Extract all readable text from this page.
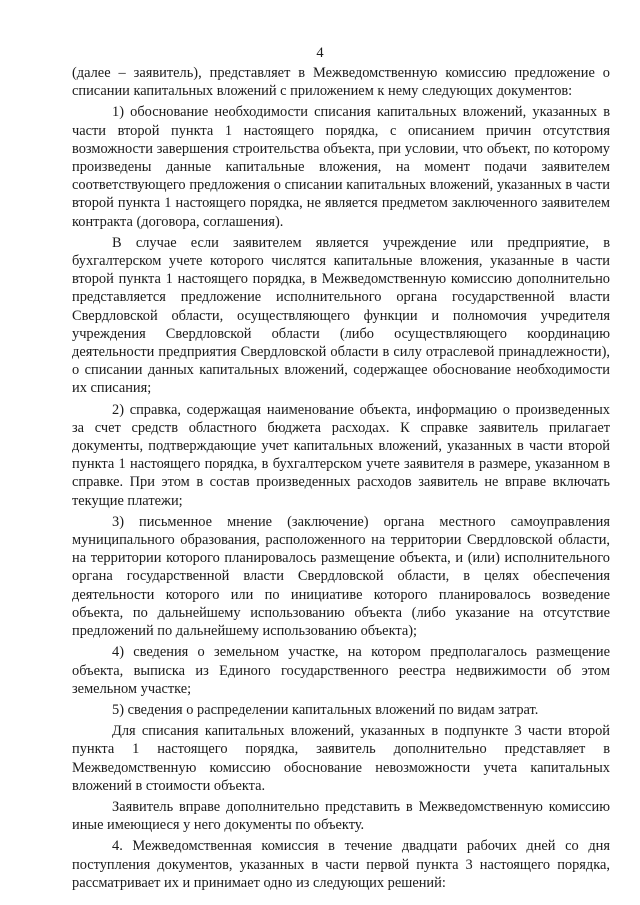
4

(далее – заявитель), представляет в Межведомственную комиссию предложение о списании капитальных вложений с приложением к нему следующих документов:

1) обоснование необходимости списания капитальных вложений, указанных в части второй пункта 1 настоящего порядка, с описанием причин отсутствия возможности завершения строительства объекта, при условии, что объект, по которому произведены данные капитальные вложения, на момент подачи заявителем соответствующего предложения о списании капитальных вложений, указанных в части второй пункта 1 настоящего порядка, не является предметом заключенного заявителем контракта (договора, соглашения).

В случае если заявителем является учреждение или предприятие, в бухгалтерском учете которого числятся капитальные вложения, указанные в части второй пункта 1 настоящего порядка, в Межведомственную комиссию дополнительно представляется предложение исполнительного органа государственной власти Свердловской области, осуществляющего функции и полномочия учредителя учреждения Свердловской области (либо осуществляющего координацию деятельности предприятия Свердловской области в силу отраслевой принадлежности), о списании данных капитальных вложений, содержащее обоснование необходимости их списания;

2) справка, содержащая наименование объекта, информацию о произведенных за счет средств областного бюджета расходах. К справке заявитель прилагает документы, подтверждающие учет капитальных вложений, указанных в части второй пункта 1 настоящего порядка, в бухгалтерском учете заявителя в размере, указанном в справке. При этом в состав произведенных расходов заявитель не вправе включать текущие платежи;

3) письменное мнение (заключение) органа местного самоуправления муниципального образования, расположенного на территории Свердловской области, на территории которого планировалось размещение объекта, и (или) исполнительного органа государственной власти Свердловской области, в целях обеспечения деятельности которого или по инициативе которого планировалось возведение объекта, по дальнейшему использованию объекта (либо указание на отсутствие предложений по дальнейшему использованию объекта);

4) сведения о земельном участке, на котором предполагалось размещение объекта, выписка из Единого государственного реестра недвижимости об этом земельном участке;

5) сведения о распределении капитальных вложений по видам затрат.

Для списания капитальных вложений, указанных в подпункте 3 части второй пункта 1 настоящего порядка, заявитель дополнительно представляет в Межведомственную комиссию обоснование невозможности учета капитальных вложений в стоимости объекта.

Заявитель вправе дополнительно представить в Межведомственную комиссию иные имеющиеся у него документы по объекту.

4. Межведомственная комиссия в течение двадцати рабочих дней со дня поступления документов, указанных в части первой пункта 3 настоящего порядка, рассматривает их и принимает одно из следующих решений:
